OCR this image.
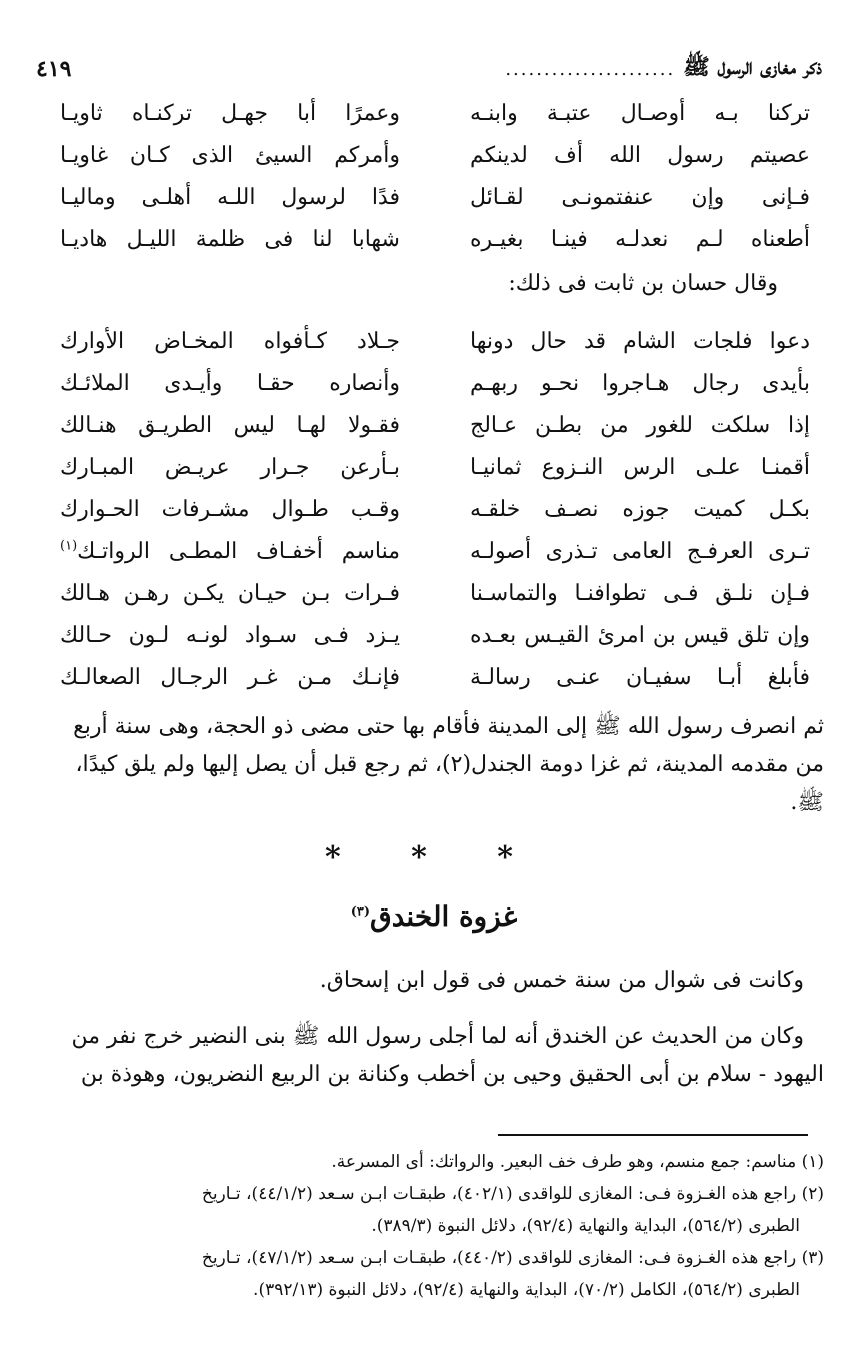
ذكر مغازى الرسول ﷺ
......................
٤١٩
تركنا بـه أوصـال عتبـة وابنـه
وعمرًا أبا جهـل تركنـاه ثاويـا
عصيتم رسول الله أف لدينكم
وأمركم السيئ الذى كـان غاويـا
فـإنى وإن عنفتمونـى لقـائل
فدًا لرسول اللـه أهلـى وماليـا
أطعناه لـم نعدلـه فينـا بغيـره
شهابا لنا فى ظلمة الليـل هاديـا
وقال حسان بن ثابت فى ذلك:
دعوا فلجات الشام قد حال دونها
جـلاد كـأفواه المخـاض الأوارك
بأيدى رجال هـاجروا نحـو ربهـم
وأنصاره حقـا وأيـدى الملائـك
إذا سلكت للغور من بطـن عـالج
فقـولا لهـا ليس الطريـق هنـالك
أقمنـا علـى الرس النـزوع ثمانيـا
بـأرعن جـرار عريـض المبـارك
بكـل كميت جوزه نصـف خلقـه
وقـب طـوال مشـرفات الحـوارك
تـرى العرفـج العامى تـذرى أصولـه
مناسم أخفـاف المطـى الرواتـك$^{(١)}$
فـإن نلـق فـى تطوافنـا والتماسـنا
فـرات بـن حيـان يكـن رهـن هـالك
وإن تلق قيس بن امرئ القيـس بعـده
يـزد فـى سـواد لونـه لـون حـالك
فأبلغ أبـا سفيـان عنـى رسالـة
فإنـك مـن غـر الرجـال الصعالـك

ثم انصرف رسول الله ﷺ إلى المدينة فأقام بها حتى مضى ذو الحجة، وهى سنة أربع

من مقدمه المدينة، ثم غزا دومة الجندل(٢)، ثم رجع قبل أن يصل إليها ولم يلق كيدًا،

ﷺ.

* * *
غزوة الخندق$^{(٣)}$

وكانت فى شوال من سنة خمس فى قول ابن إسحاق.

وكان من الحديث عن الخندق أنه لما أجلى رسول الله ﷺ بنى النضير خرج نفر من

اليهود - سلام بن أبى الحقيق وحيى بن أخطب وكنانة بن الربيع النضريون، وهوذة بن

(١) مناسم: جمع منسم، وهو طرف خف البعير. والرواتك: أى المسرعة.

(٢) راجع هذه الغـزوة فـى: المغازى للواقدى (٤٠٢/١)، طبقـات ابـن سـعد (٤٤/١/٢)، تـاريخ

الطبرى (٥٦٤/٢)، البداية والنهاية (٩٢/٤)، دلائل النبوة (٣٨٩/٣).

(٣) راجع هذه الغـزوة فـى: المغازى للواقدى (٤٤٠/٢)، طبقـات ابـن سـعد (٤٧/١/٢)، تـاريخ

الطبرى (٥٦٤/٢)، الكامل (٧٠/٢)، البداية والنهاية (٩٢/٤)، دلائل النبوة (٣٩٢/١٣).
